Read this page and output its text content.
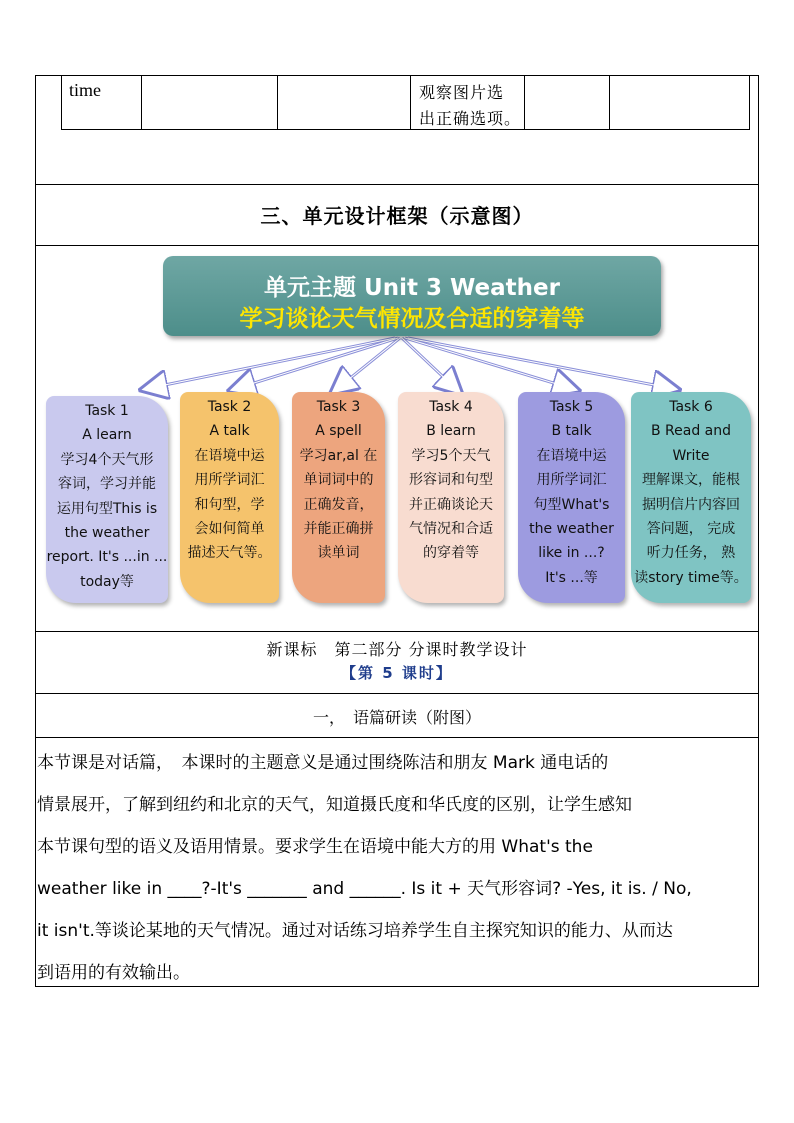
time	观察图片选
出正确选项。
三、单元设计框架（示意图）
单元主题 Unit 3 Weather
学习谈论天气情况及合适的穿着等
Task 1
A learn
学习4个天气形
容词，学习并能
运用句型This is
the weather
report. It's ...in ...
today等
Task 2
A talk
在语境中运
用所学词汇
和句型，学
会如何简单
描述天气等。
Task 3
A spell
学习ar,al 在
单词词中的
正确发音，
并能正确拼
读单词
Task 4
B learn
学习5个天气
形容词和句型
并正确谈论天
气情况和合适
的穿着等
Task 5
B talk
在语境中运
用所学词汇
句型What's
the weather
like in ...?
It's ...等
Task 6
B Read and
Write
理解课文，能根
据明信片内容回
答问题， 完成
听力任务， 熟
读story time等。
新课标　第二部分 分课时教学设计
【第 5 课时】
一，　语篇研读（附图）
本节课是对话篇，　本课时的主题意义是通过围绕陈洁和朋友 Mark 通电话的
情景展开，了解到纽约和北京的天气，知道摄氏度和华氏度的区别，让学生感知
本节课句型的语义及语用情景。要求学生在语境中能大方的用 What's the
weather like in ____?-It's _______ and ______. Is it + 天气形容词? -Yes, it is. / No,
it isn't.等谈论某地的天气情况。通过对话练习培养学生自主探究知识的能力、从而达
到语用的有效输出。
